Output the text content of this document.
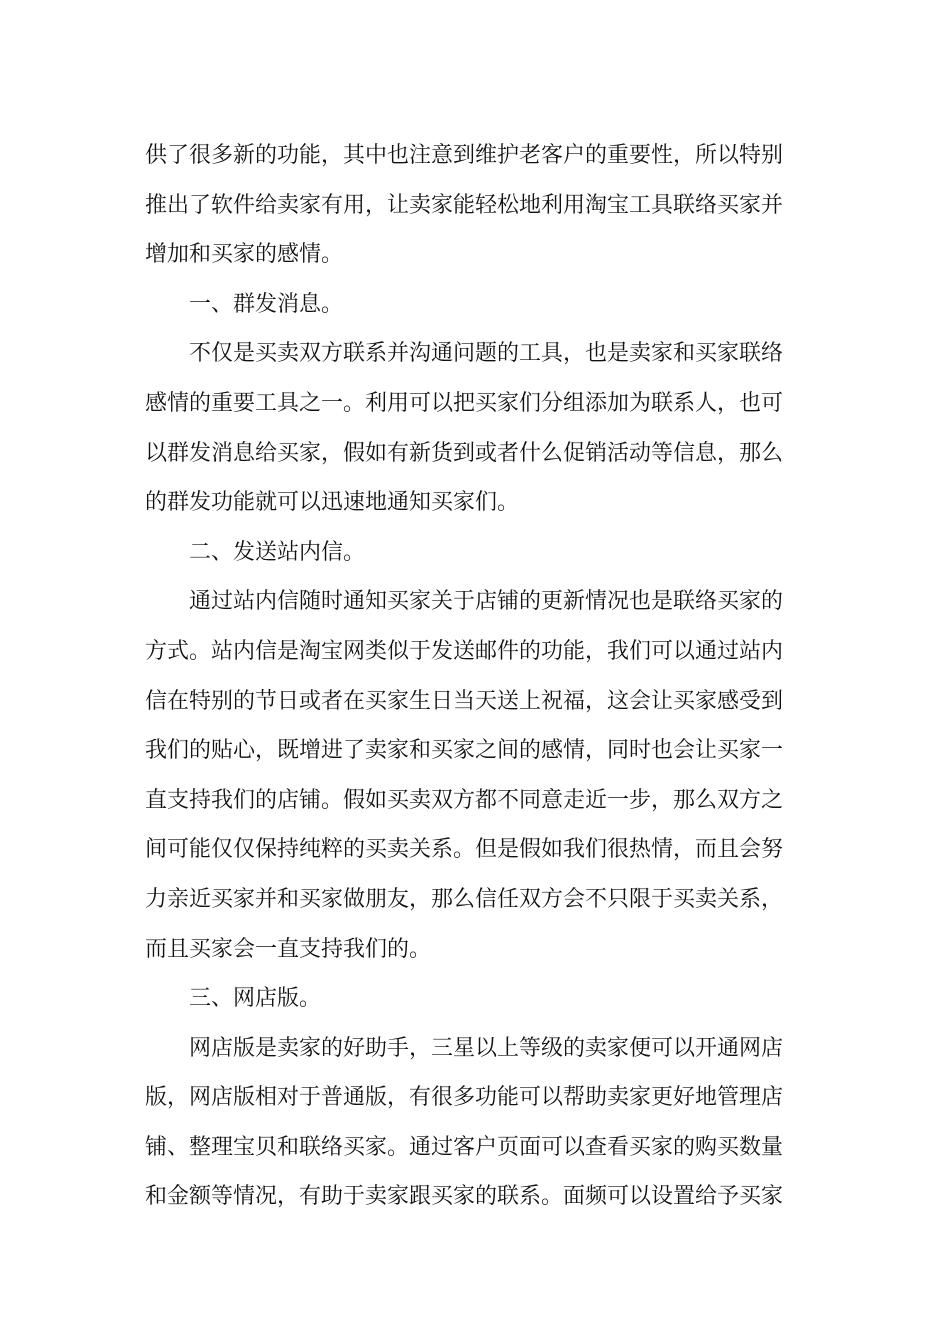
供了很多新的功能，其中也注意到维护老客户的重要性，所以特别
推出了软件给卖家有用，让卖家能轻松地利用淘宝工具联络买家并
增加和买家的感情。
一、群发消息。
不仅是买卖双方联系并沟通问题的工具，也是卖家和买家联络
感情的重要工具之一。利用可以把买家们分组添加为联系人，也可
以群发消息给买家，假如有新货到或者什么促销活动等信息，那么
的群发功能就可以迅速地通知买家们。
二、发送站内信。
通过站内信随时通知买家关于店铺的更新情况也是联络买家的
方式。站内信是淘宝网类似于发送邮件的功能，我们可以通过站内
信在特别的节日或者在买家生日当天送上祝福，这会让买家感受到
我们的贴心，既增进了卖家和买家之间的感情，同时也会让买家一
直支持我们的店铺。假如买卖双方都不同意走近一步，那么双方之
间可能仅仅保持纯粹的买卖关系。但是假如我们很热情，而且会努
力亲近买家并和买家做朋友，那么信任双方会不只限于买卖关系，
而且买家会一直支持我们的。
三、网店版。
网店版是卖家的好助手，三星以上等级的卖家便可以开通网店
版，网店版相对于普通版，有很多功能可以帮助卖家更好地管理店
铺、整理宝贝和联络买家。通过客户页面可以查看买家的购买数量
和金额等情况，有助于卖家跟买家的联系。面频可以设置给予买家
